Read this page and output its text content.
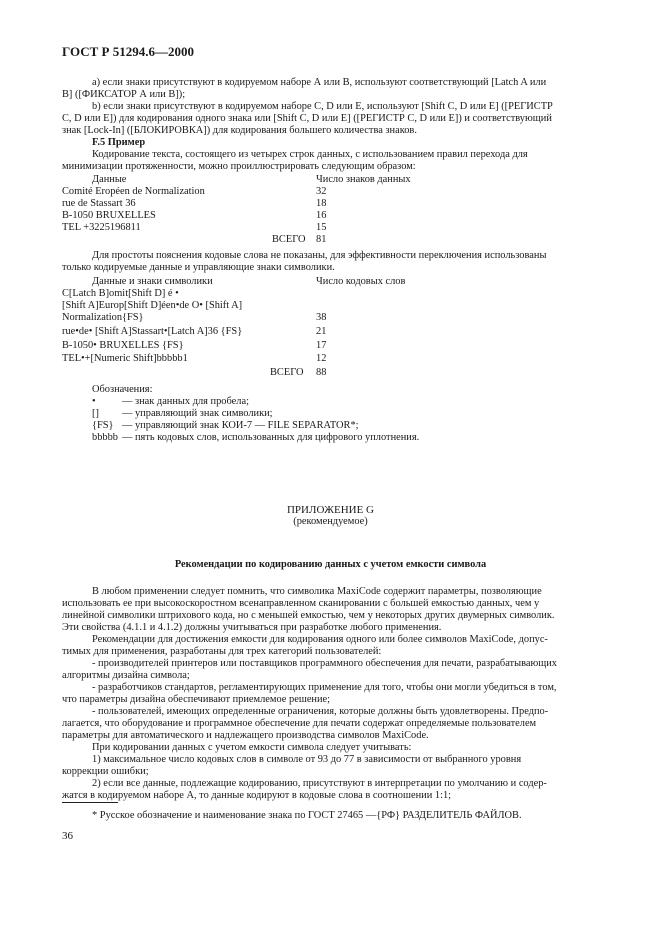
ГОСТ Р 51294.6—2000
а) если знаки присутствуют в кодируемом наборе А или В, используют соответствующий [Latch A или
В] ([ФИКСАТОР А или В]);
b) если знаки присутствуют в кодируемом наборе С, D или Е, используют [Shift С, D или Е] ([РЕГИСТР
С, D или Е]) для кодирования одного знака или [Shift С, D или Е] ([РЕГИСТР С, D или Е]) и соответствующий
знак [Lock-In] ([БЛОКИРОВКА]) для кодирования большего количества знаков.
F.5 Пример
Кодирование текста, состоящего из четырех строк данных, с использованием правил перехода для
минимизации протяженности, можно проиллюстрировать следующим образом:
Данные	Число знаков данных
Comité Eropéen de Normalization	32
rue de Stassart 36	18
B-1050 BRUXELLES	16
TEL +3225196811	15
ВСЕГО 81
Для простоты пояснения кодовые слова не показаны, для эффективности переключения использованы
только кодируемые данные и управляющие знаки символики.
Данные и знаки символики	Число кодовых слов
C[Latch B]omit[Shift D] é •
[Shift A]Europ[Shift D]éen•de O• [Shift A]
Normalization{FS}	38
rue•de• [Shift A]Stassart•[Latch A]36 {FS}	21
B-1050• BRUXELLES {FS}	17
TEL•+[Numeric Shift]bbbbb1	12
ВСЕГО 88
Обозначения:
•	— знак данных для пробела;
[] — управляющий знак символики;
{FS} — управляющий знак КОИ-7 — FILE SEPARATOR*;
bbbbb — пять кодовых слов, использованных для цифрового уплотнения.
ПРИЛОЖЕНИЕ G
(рекомендуемое)
Рекомендации по кодированию данных с учетом емкости символа
В любом применении следует помнить, что символика MaxiCode содержит параметры, позволяющие
использовать ее при высокоскоростном всенаправленном сканировании с большей емкостью данных, чем у
линейной символики штрихового кода, но с меньшей емкостью, чем у некоторых других двумерных символик.
Эти свойства (4.1.1 и 4.1.2) должны учитываться при разработке любого применения.
Рекомендации для достижения емкости для кодирования одного или более символов MaxiCode, допус-
тимых для применения, разработаны для трех категорий пользователей:
- производителей принтеров или поставщиков программного обеспечения для печати, разрабатывающих
алгоритмы дизайна символа;
- разработчиков стандартов, регламентирующих применение для того, чтобы они могли убедиться в том,
что параметры дизайна обеспечивают приемлемое решение;
- пользователей, имеющих определенные ограничения, которые должны быть удовлетворены. Предпо-
лагается, что оборудование и программное обеспечение для печати содержат определяемые пользователем
параметры для автоматического и надлежащего производства символов MaxiCode.
При кодировании данных с учетом емкости символа следует учитывать:
1) максимальное число кодовых слов в символе от 93 до 77 в зависимости от выбранного уровня
коррекции ошибки;
2) если все данные, подлежащие кодированию, присутствуют в интерпретации по умолчанию и содер-
жатся в кодируемом наборе А, то данные кодируют в кодовые слова в соотношении 1:1;
* Русское обозначение и наименование знака по ГОСТ 27465 —{РФ} РАЗДЕЛИТЕЛЬ ФАЙЛОВ.
36
